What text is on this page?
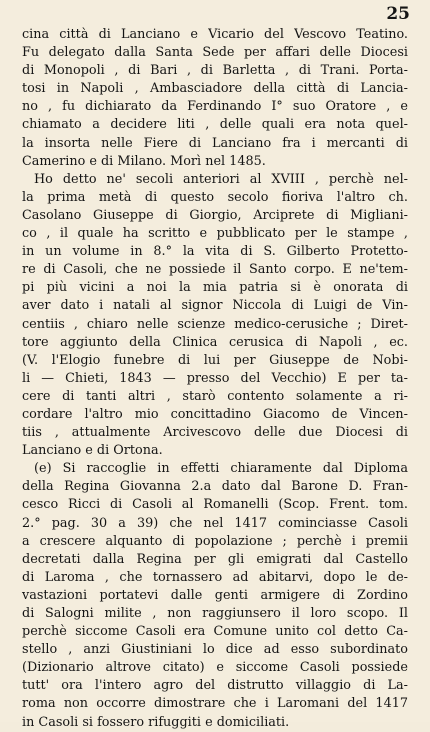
25
cina città di Lanciano e Vicario del Vescovo Teatino.
Fu delegato dalla Santa Sede per affari delle Diocesi
di Monopoli , di Bari , di Barletta , di Trani. Porta-
tosi in Napoli , Ambasciadore della città di Lancia-
no , fu dichiarato da Ferdinando I° suo Oratore , e
chiamato a decidere liti , delle quali era nota quel-
la insorta nelle Fiere di Lanciano fra i mercanti di
Camerino e di Milano. Morì nel 1485.
Ho detto ne' secoli anteriori al XVIII , perchè nel-
la prima metà di questo secolo fioriva l'altro ch.
Casolano Giuseppe di Giorgio, Arciprete di Migliani-
co , il quale ha scritto e pubblicato per le stampe ,
in un volume in 8.° la vita di S. Gilberto Protetto-
re di Casoli, che ne possiede il Santo corpo. E ne'tem-
pi più vicini a noi la mia patria si è onorata di
aver dato i natali al signor Niccola di Luigi de Vin-
centiis , chiaro nelle scienze medico-cerusiche ; Diret-
tore aggiunto della Clinica cerusica di Napoli , ec.
(V. l'Elogio funebre di lui per Giuseppe de Nobi-
li — Chieti, 1843 — presso del Vecchio) E per ta-
cere di tanti altri , starò contento solamente a ri-
cordare l'altro mio concittadino Giacomo de Vincen-
tiis , attualmente Arcivescovo delle due Diocesi di
Lanciano e di Ortona.
(e) Si raccoglie in effetti chiaramente dal Diploma
della Regina Giovanna 2.a dato dal Barone D. Fran-
cesco Ricci di Casoli al Romanelli (Scop. Frent. tom.
2.° pag. 30 a 39) che nel 1417 cominciasse Casoli
a crescere alquanto di popolazione ; perchè i premii
decretati dalla Regina per gli emigrati dal Castello
di Laroma , che tornassero ad abitarvi, dopo le de-
vastazioni portatevi dalle genti armigere di Zordino
di Salogni milite , non raggiunsero il loro scopo. Il
perchè siccome Casoli era Comune unito col detto Ca-
stello , anzi Giustiniani lo dice ad esso subordinato
(Dizionario altrove citato) e siccome Casoli possiede
tutt' ora l'intero agro del distrutto villaggio di La-
roma non occorre dimostrare che i Laromani del 1417
in Casoli si fossero rifuggiti e domiciliati.
